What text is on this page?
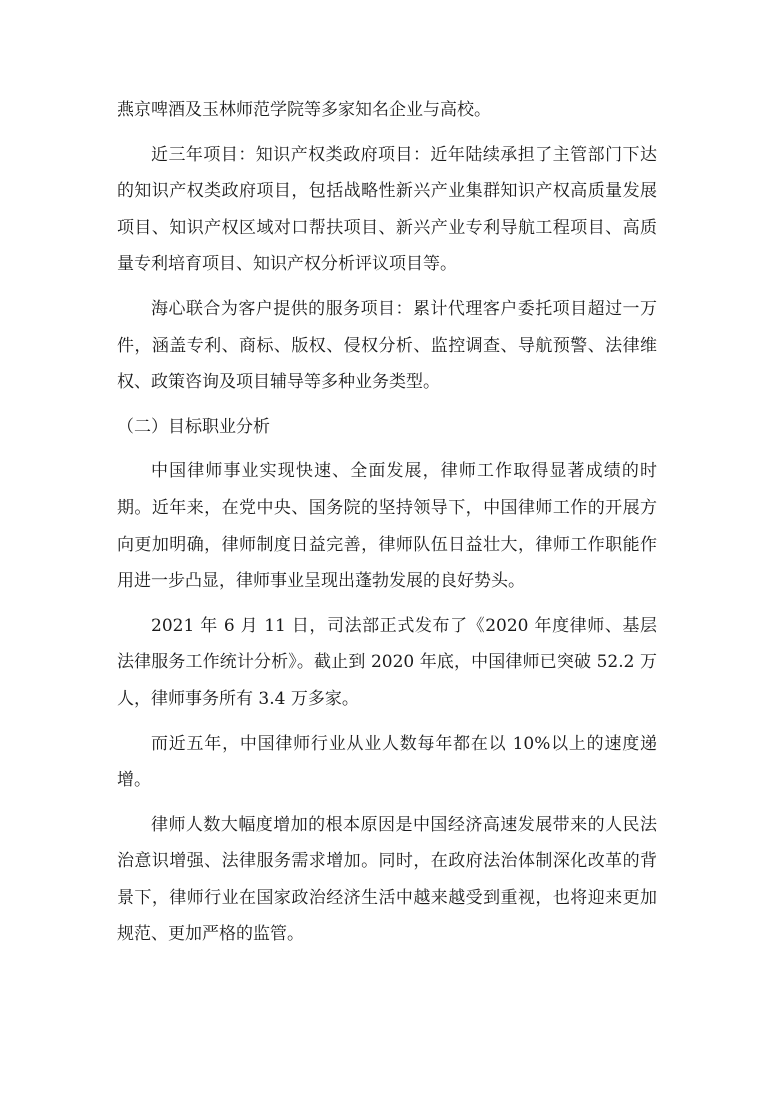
燕京啤酒及玉林师范学院等多家知名企业与高校。

近三年项目：知识产权类政府项目：近年陆续承担了主管部门下达的知识产权类政府项目，包括战略性新兴产业集群知识产权高质量发展项目、知识产权区域对口帮扶项目、新兴产业专利导航工程项目、高质量专利培育项目、知识产权分析评议项目等。

海心联合为客户提供的服务项目：累计代理客户委托项目超过一万件，涵盖专利、商标、版权、侵权分析、监控调查、导航预警、法律维权、政策咨询及项目辅导等多种业务类型。

（二）目标职业分析

中国律师事业实现快速、全面发展，律师工作取得显著成绩的时期。近年来，在党中央、国务院的坚持领导下，中国律师工作的开展方向更加明确，律师制度日益完善，律师队伍日益壮大，律师工作职能作用进一步凸显，律师事业呈现出蓬勃发展的良好势头。

2021 年 6 月 11 日，司法部正式发布了《2020 年度律师、基层法律服务工作统计分析》。截止到 2020 年底，中国律师已突破 52.2 万人，律师事务所有 3.4 万多家。

而近五年，中国律师行业从业人数每年都在以 10%以上的速度递增。

律师人数大幅度增加的根本原因是中国经济高速发展带来的人民法治意识增强、法律服务需求增加。同时，在政府法治体制深化改革的背景下，律师行业在国家政治经济生活中越来越受到重视，也将迎来更加规范、更加严格的监管。
